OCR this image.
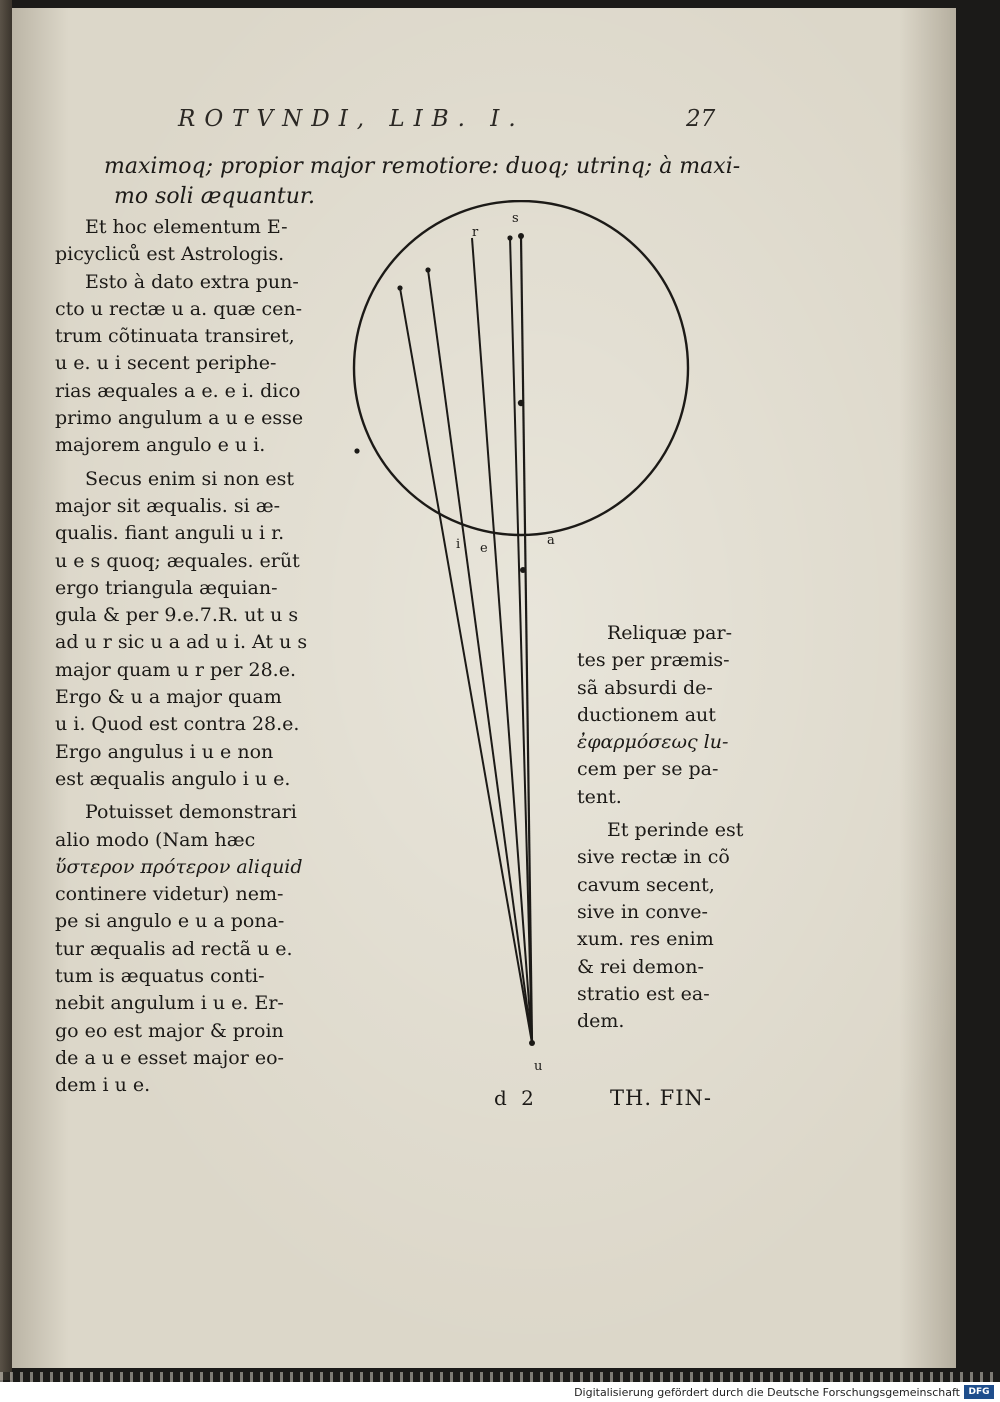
ROTVNDI, LIB. I.	27
maximoq; propior major remotiore: duoq; utrinq; à maxi-
mo soli æquantur.
Et hoc elementum E-
picycliců est Astrologis.
Esto à dato extra pun-
cto u rectæ u a. quæ cen-
trum cõtinuata transiret,
u e. u i secent periphe-
rias æquales a e. e i. dico
primo angulum a u e esse
majorem angulo e u i.
Secus enim si non est
major sit æqualis. si æ-
qualis. fiant anguli u i r.
u e s quoq; æquales. erũt
ergo triangula æquian-
gula & per 9.e.7.R. ut u s
ad u r sic u a ad u i. At u s
major quam u r per 28.e.
Ergo & u a major quam
u i. Quod est contra 28.e.
Ergo angulus i u e non
est æqualis angulo i u e.
Potuisset demonstrari
alio modo (Nam hæc
ὕστερον πρότερον aliquid
continere videtur) nem-
pe si angulo e u a pona-
tur æqualis ad rectã u e.
tum is æquatus conti-
nebit angulum i u e. Er-
go eo est major & proin
de a u e esset major eo-
dem i u e.
Reliquæ par-
tes per præmis-
sã absurdi de-
ductionem aut
ἐφαρμόσεως lu-
cem per se pa-
tent.
Et perinde est
sive rectæ in cõ
cavum secent,
sive in conve-
xum. res enim
& rei demon-
stratio est ea-
dem.
s
r
i e
a
u
d 2	TH. FIN-
Digitalisierung gefördert durch die Deutsche Forschungsgemeinschaft DFG
